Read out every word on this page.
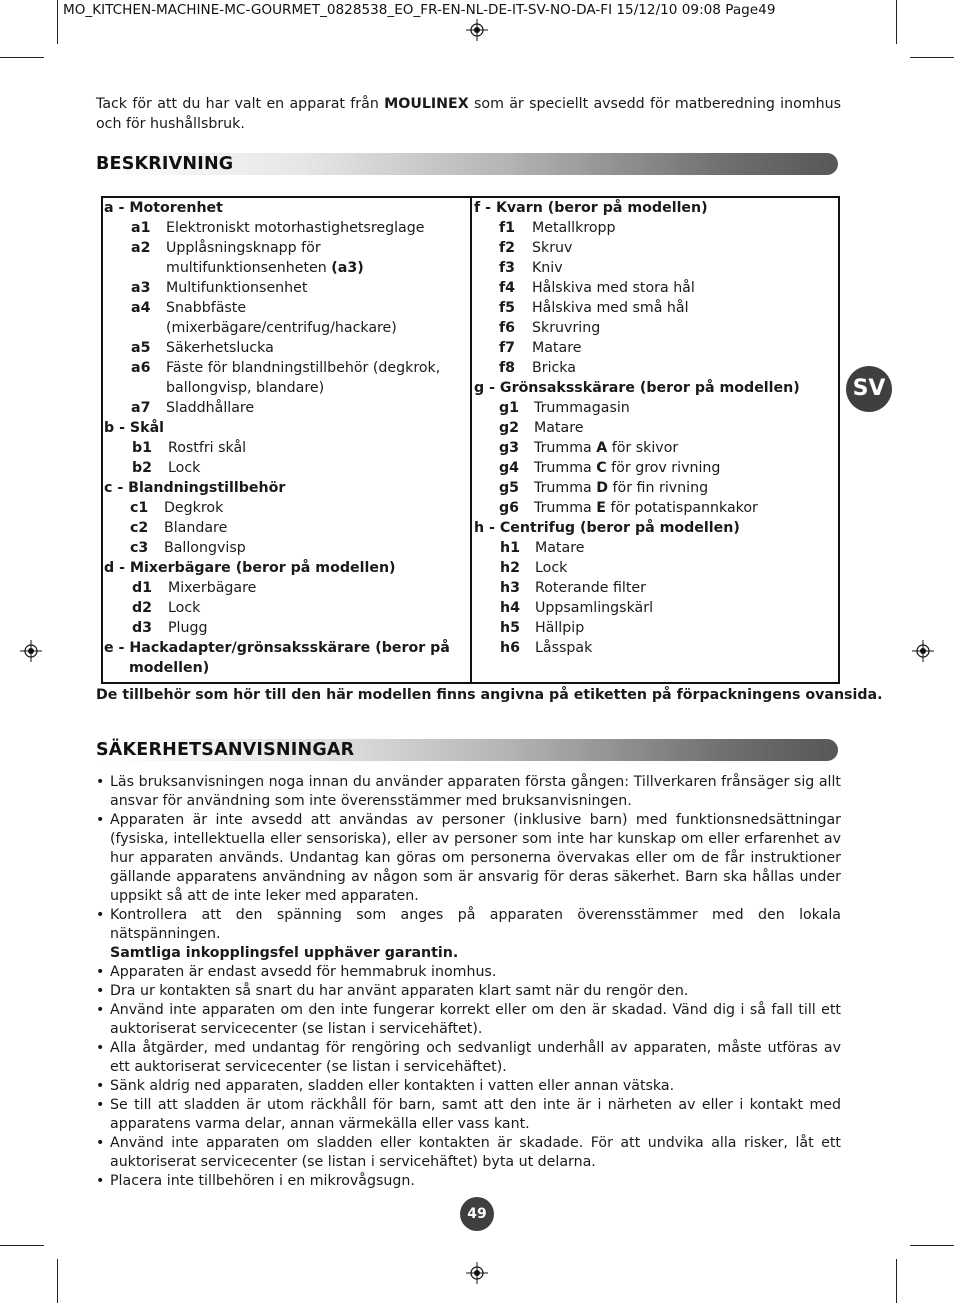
MO_KITCHEN-MACHINE-MC-GOURMET_0828538_EO_FR-EN-NL-DE-IT-SV-NO-DA-FI 15/12/10 09:08 Page49

Tack för att du har valt en apparat från MOULINEX som är speciellt avsedd för matberedning inomhus och för hushållsbruk.

BESKRIVNING
a - Motorenhet
a1	Elektroniskt motorhastighetsreglage
a2	Upplåsningsknapp för multifunktionsenheten (a3)
a3	Multifunktionsenhet
a4	Snabbfäste (mixerbägare/centrifug/hackare)
a5	Säkerhetslucka
a6	Fäste för blandningstillbehör (degkrok, ballongvisp, blandare)
a7	Sladdhållare
b - Skål
b1	Rostfri skål
b2	Lock
c - Blandningstillbehör
c1	Degkrok
c2	Blandare
c3	Ballongvisp
d - Mixerbägare (beror på modellen)
d1	Mixerbägare
d2	Lock
d3	Plugg
e - Hackadapter/grönsaksskärare (beror på
modellen)
f - Kvarn (beror på modellen)
f1	Metallkropp
f2	Skruv
f3	Kniv
f4	Hålskiva med stora hål
f5	Hålskiva med små hål
f6	Skruvring
f7	Matare
f8	Bricka
g - Grönsaksskärare (beror på modellen)
g1	Trummagasin
g2	Matare
g3	Trumma A för skivor
g4	Trumma C för grov rivning
g5	Trumma D för fin rivning
g6	Trumma E för potatispannkakor
h - Centrifug (beror på modellen)
h1	Matare
h2	Lock
h3	Roterande filter
h4	Uppsamlingskärl
h5	Hällpip
h6	Låsspak
De tillbehör som hör till den här modellen finns angivna på etiketten på förpackningens ovansida.
SÄKERHETSANVISNINGAR
• Läs bruksanvisningen noga innan du använder apparaten första gången: Tillverkaren frånsäger sig allt ansvar för användning som inte överensstämmer med bruksanvisningen.
• Apparaten är inte avsedd att användas av personer (inklusive barn) med funktionsnedsättningar (fysiska, intellektuella eller sensoriska), eller av personer som inte har kunskap om eller erfarenhet av hur apparaten används. Undantag kan göras om personerna övervakas eller om de får instruktioner gällande apparatens användning av någon som är ansvarig för deras säkerhet. Barn ska hållas under uppsikt så att de inte leker med apparaten.
• Kontrollera att den spänning som anges på apparaten överensstämmer med den lokala nätspänningen.
Samtliga inkopplingsfel upphäver garantin.
• Apparaten är endast avsedd för hemmabruk inomhus.
• Dra ur kontakten så snart du har använt apparaten klart samt när du rengör den.
• Använd inte apparaten om den inte fungerar korrekt eller om den är skadad. Vänd dig i så fall till ett auktoriserat servicecenter (se listan i servicehäftet).
• Alla åtgärder, med undantag för rengöring och sedvanligt underhåll av apparaten, måste utföras av ett auktoriserat servicecenter (se listan i servicehäftet).
• Sänk aldrig ned apparaten, sladden eller kontakten i vatten eller annan vätska.
• Se till att sladden är utom räckhåll för barn, samt att den inte är i närheten av eller i kontakt med apparatens varma delar, annan värmekälla eller vass kant.
• Använd inte apparaten om sladden eller kontakten är skadade. För att undvika alla risker, låt ett auktoriserat servicecenter (se listan i servicehäftet) byta ut delarna.
• Placera inte tillbehören i en mikrovågsugn.
SV
49
